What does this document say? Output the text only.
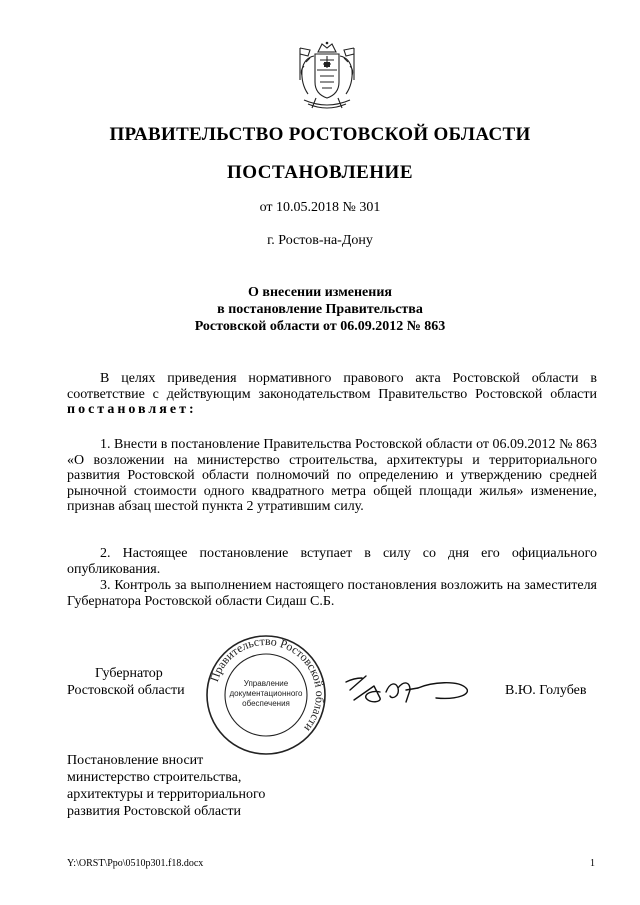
ПРАВИТЕЛЬСТВО РОСТОВСКОЙ ОБЛАСТИ
ПОСТАНОВЛЕНИЕ
от 10.05.2018 № 301
г. Ростов-на-Дону
О внесении изменения
в постановление Правительства
Ростовской области от 06.09.2012 № 863

В целях приведения нормативного правового акта Ростовской области в соответствие с действующим законодательством Правительство Ростовской области постановляет:

1. Внести в постановление Правительства Ростовской области от 06.09.2012 № 863 «О возложении на министерство строительства, архитектуры и территориального развития Ростовской области полномочий по определению и утверждению средней рыночной стоимости одного квадратного метра общей площади жилья» изменение, признав абзац шестой пункта 2 утратившим силу.

2. Настоящее постановление вступает в силу со дня его официального опубликования.

3. Контроль за выполнением настоящего постановления возложить на заместителя Губернатора Ростовской области Сидаш С.Б.

Губернатор
Ростовской области
Правительство Ростовской области
Управление
документационного
обеспечения
В.Ю. Голубев
Постановление вносит
министерство строительства,
архитектуры и территориального
развития Ростовской области
Y:\ORST\Ppo\0510p301.f18.docx	1
